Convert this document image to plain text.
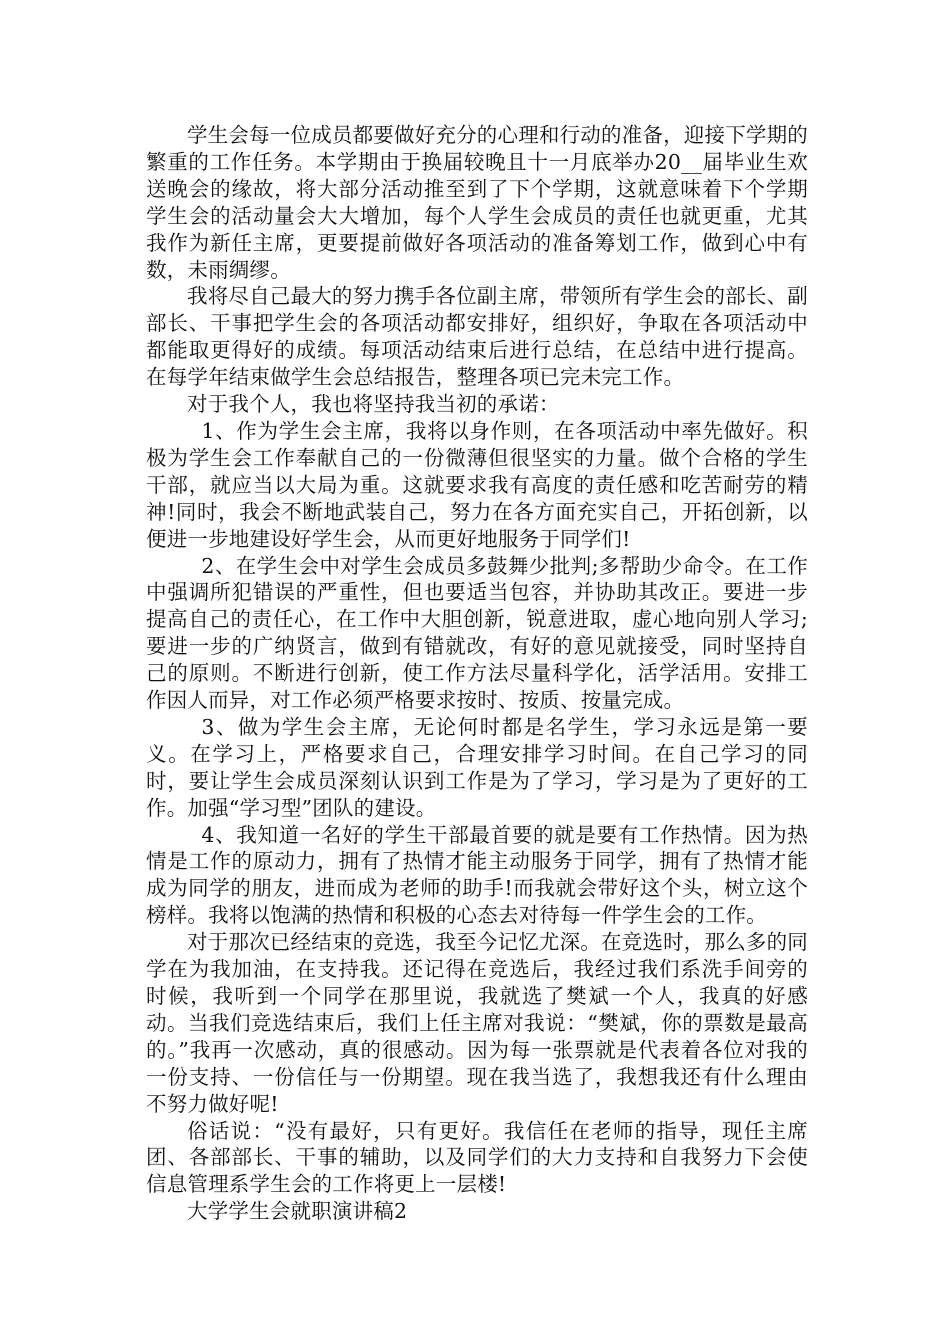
学生会每一位成员都要做好充分的心理和行动的准备，迎接下学期的繁重的工作任务。本学期由于换届较晚且十一月底举办20__届毕业生欢送晚会的缘故，将大部分活动推至到了下个学期，这就意味着下个学期学生会的活动量会大大增加，每个人学生会成员的责任也就更重，尤其我作为新任主席，更要提前做好各项活动的准备筹划工作，做到心中有数，未雨绸缪。

我将尽自己最大的努力携手各位副主席，带领所有学生会的部长、副部长、干事把学生会的各项活动都安排好，组织好，争取在各项活动中都能取更得好的成绩。每项活动结束后进行总结，在总结中进行提高。在每学年结束做学生会总结报告，整理各项已完未完工作。

对于我个人，我也将坚持我当初的承诺：

1、作为学生会主席，我将以身作则，在各项活动中率先做好。积极为学生会工作奉献自己的一份微薄但很坚实的力量。做个合格的学生干部，就应当以大局为重。这就要求我有高度的责任感和吃苦耐劳的精神!同时，我会不断地武装自己，努力在各方面充实自己，开拓创新，以便进一步地建设好学生会，从而更好地服务于同学们!

2、在学生会中对学生会成员多鼓舞少批判;多帮助少命令。在工作中强调所犯错误的严重性，但也要适当包容，并协助其改正。要进一步提高自己的责任心，在工作中大胆创新，锐意进取，虚心地向别人学习;要进一步的广纳贤言，做到有错就改，有好的意见就接受，同时坚持自己的原则。不断进行创新，使工作方法尽量科学化，活学活用。安排工作因人而异，对工作必须严格要求按时、按质、按量完成。

3、做为学生会主席，无论何时都是名学生，学习永远是第一要义。在学习上，严格要求自己，合理安排学习时间。在自己学习的同时，要让学生会成员深刻认识到工作是为了学习，学习是为了更好的工作。加强“学习型”团队的建设。

4、我知道一名好的学生干部最首要的就是要有工作热情。因为热情是工作的原动力，拥有了热情才能主动服务于同学，拥有了热情才能成为同学的朋友，进而成为老师的助手!而我就会带好这个头，树立这个榜样。我将以饱满的热情和积极的心态去对待每一件学生会的工作。

对于那次已经结束的竞选，我至今记忆尤深。在竞选时，那么多的同学在为我加油，在支持我。还记得在竞选后，我经过我们系洗手间旁的时候，我听到一个同学在那里说，我就选了樊斌一个人，我真的好感动。当我们竞选结束后，我们上任主席对我说：“樊斌，你的票数是最高的。”我再一次感动，真的很感动。因为每一张票就是代表着各位对我的一份支持、一份信任与一份期望。现在我当选了，我想我还有什么理由不努力做好呢!

俗话说：“没有最好，只有更好。我信任在老师的指导，现任主席团、各部部长、干事的辅助，以及同学们的大力支持和自我努力下会使信息管理系学生会的工作将更上一层楼!

大学学生会就职演讲稿2
